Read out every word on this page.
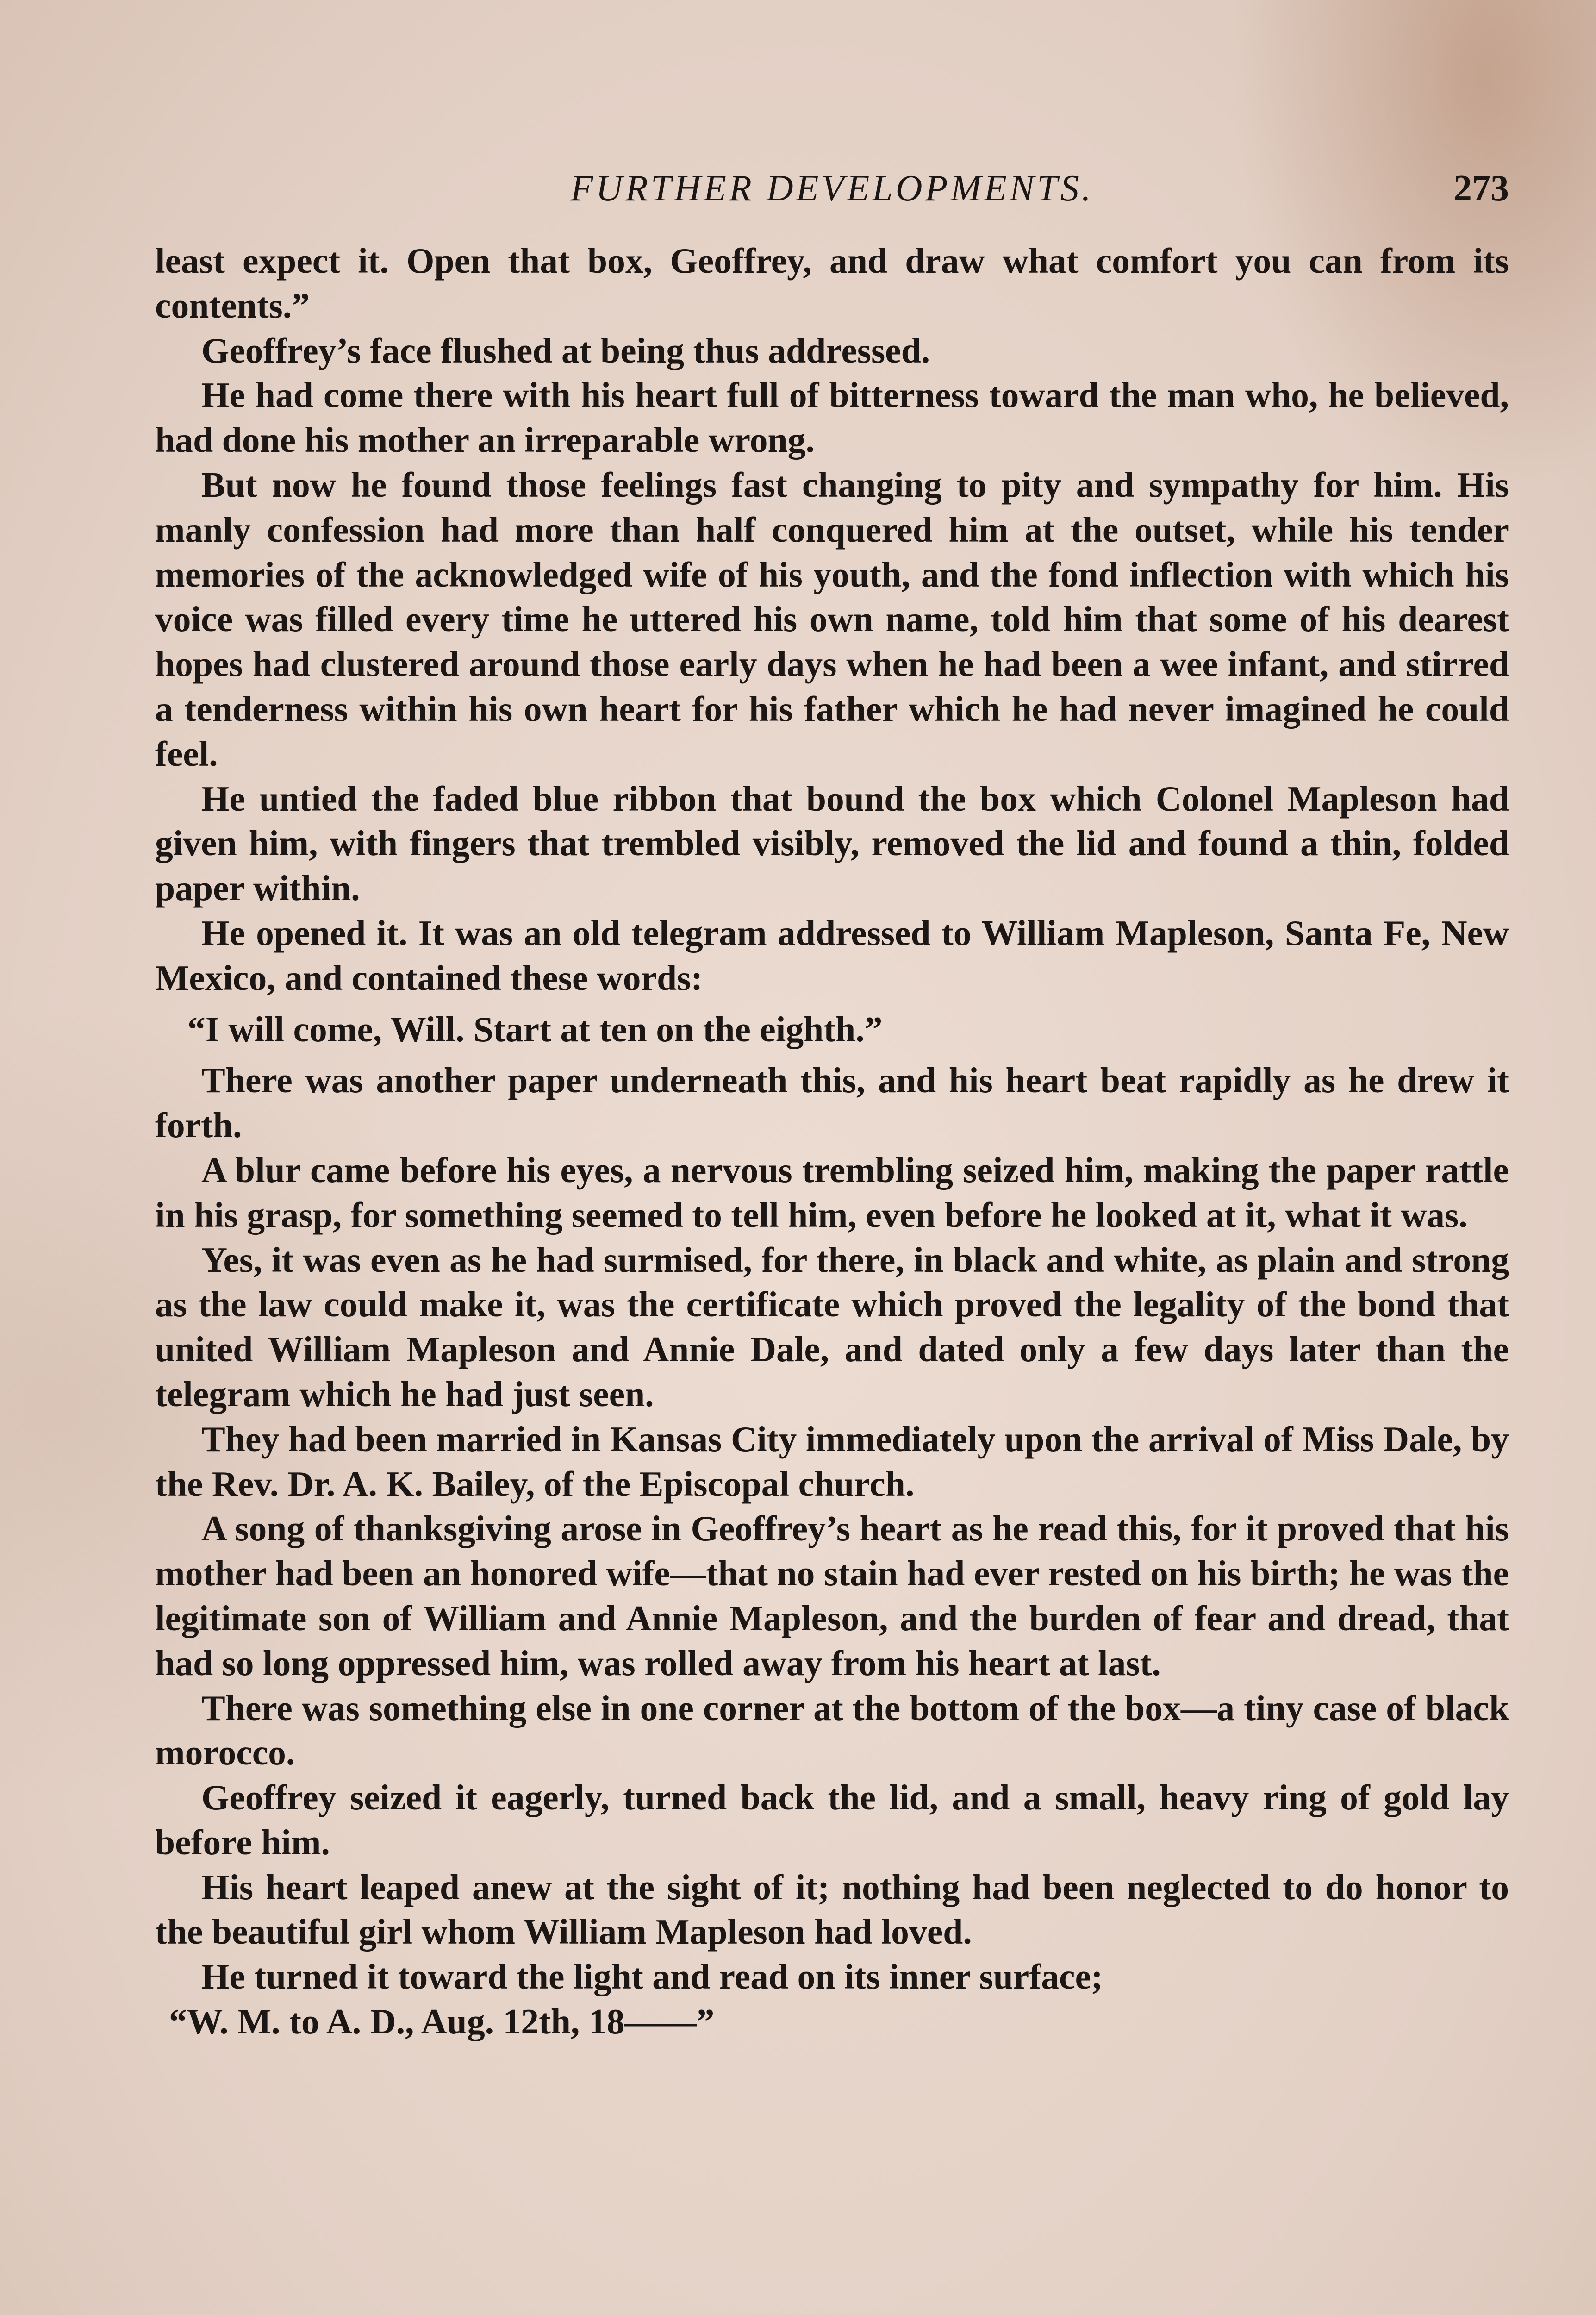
FURTHER DEVELOPMENTS.	273

least expect it. Open that box, Geoffrey, and draw what comfort you can from its contents.”

Geoffrey’s face flushed at being thus addressed.

He had come there with his heart full of bitterness toward the man who, he believed, had done his mother an irreparable wrong.

But now he found those feelings fast changing to pity and sympathy for him. His manly confession had more than half conquered him at the outset, while his tender memories of the acknowledged wife of his youth, and the fond inflection with which his voice was filled every time he uttered his own name, told him that some of his dearest hopes had clustered around those early days when he had been a wee infant, and stirred a tenderness within his own heart for his father which he had never imagined he could feel.

He untied the faded blue ribbon that bound the box which Colonel Mapleson had given him, with fingers that trembled visibly, removed the lid and found a thin, folded paper within.

He opened it. It was an old telegram addressed to William Mapleson, Santa Fe, New Mexico, and contained these words:

“I will come, Will. Start at ten on the eighth.”

There was another paper underneath this, and his heart beat rapidly as he drew it forth.

A blur came before his eyes, a nervous trembling seized him, making the paper rattle in his grasp, for something seemed to tell him, even before he looked at it, what it was.

Yes, it was even as he had surmised, for there, in black and white, as plain and strong as the law could make it, was the certificate which proved the legality of the bond that united William Mapleson and Annie Dale, and dated only a few days later than the telegram which he had just seen.

They had been married in Kansas City immediately upon the arrival of Miss Dale, by the Rev. Dr. A. K. Bailey, of the Episcopal church.

A song of thanksgiving arose in Geoffrey’s heart as he read this, for it proved that his mother had been an honored wife—that no stain had ever rested on his birth; he was the legitimate son of William and Annie Mapleson, and the burden of fear and dread, that had so long oppressed him, was rolled away from his heart at last.

There was something else in one corner at the bottom of the box—a tiny case of black morocco.

Geoffrey seized it eagerly, turned back the lid, and a small, heavy ring of gold lay before him.

His heart leaped anew at the sight of it; nothing had been neglected to do honor to the beautiful girl whom William Mapleson had loved.

He turned it toward the light and read on its inner surface;

“W. M. to A. D., Aug. 12th, 18——”
